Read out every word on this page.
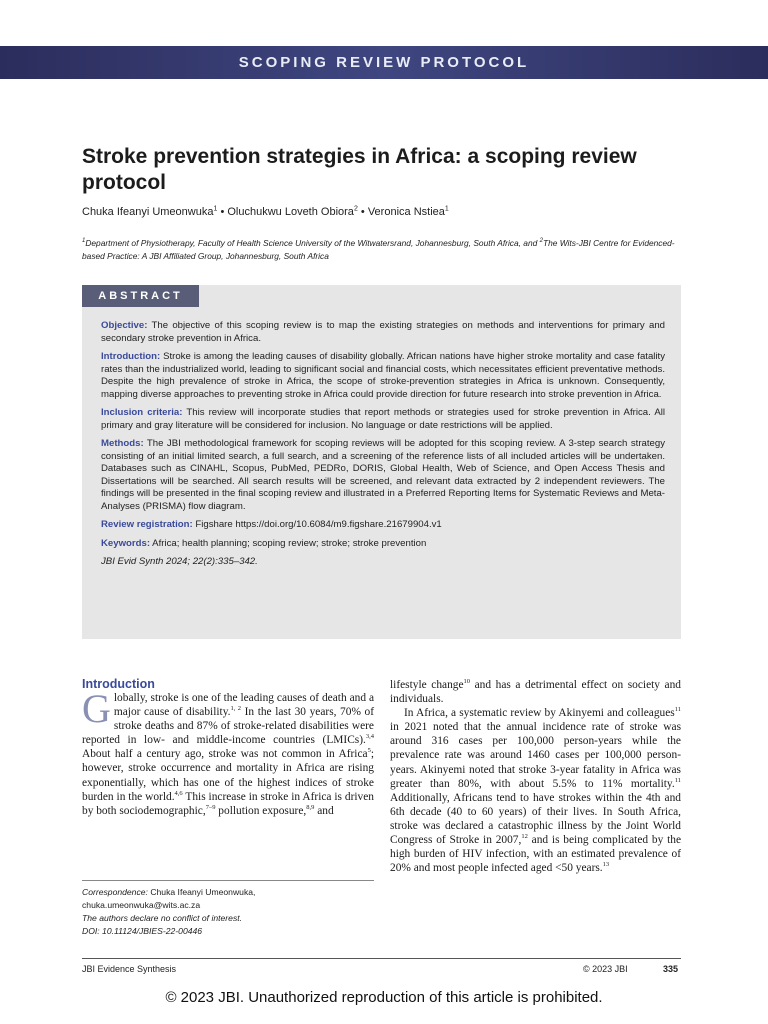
SCOPING REVIEW PROTOCOL
Stroke prevention strategies in Africa: a scoping review protocol
Chuka Ifeanyi Umeonwuka$^1$ • Oluchukwu Loveth Obiora$^2$ • Veronica Nstiea$^1$
$^1$Department of Physiotherapy, Faculty of Health Science University of the Witwatersrand, Johannesburg, South Africa, and $^2$The Wits-JBI Centre for Evidenced-based Practice: A JBI Affiliated Group, Johannesburg, South Africa
ABSTRACT

Objective: The objective of this scoping review is to map the existing strategies on methods and interventions for primary and secondary stroke prevention in Africa.

Introduction: Stroke is among the leading causes of disability globally. African nations have higher stroke mortality and case fatality rates than the industrialized world, leading to significant social and financial costs, which necessitates efficient preventative methods. Despite the high prevalence of stroke in Africa, the scope of stroke-prevention strategies in Africa is unknown. Consequently, mapping diverse approaches to preventing stroke in Africa could provide direction for future research into stroke prevention in Africa.

Inclusion criteria: This review will incorporate studies that report methods or strategies used for stroke prevention in Africa. All primary and gray literature will be considered for inclusion. No language or date restrictions will be applied.

Methods: The JBI methodological framework for scoping reviews will be adopted for this scoping review. A 3-step search strategy consisting of an initial limited search, a full search, and a screening of the reference lists of all included articles will be undertaken. Databases such as CINAHL, Scopus, PubMed, PEDRo, DORIS, Global Health, Web of Science, and Open Access Thesis and Dissertations will be searched. All search results will be screened, and relevant data extracted by 2 independent reviewers. The findings will be presented in the final scoping review and illustrated in a Preferred Reporting Items for Systematic Reviews and Meta-Analyses (PRISMA) flow diagram.

Review registration: Figshare https://doi.org/10.6084/m9.figshare.21679904.v1

Keywords: Africa; health planning; scoping review; stroke; stroke prevention

JBI Evid Synth 2024; 22(2):335–342.

Introduction

Globally, stroke is one of the leading causes of death and a major cause of disability.$^{1, 2}$ In the last 30 years, 70% of stroke deaths and 87% of stroke-related disabilities were reported in low- and middle-income countries (LMICs).$^{3,4}$ About half a century ago, stroke was not common in Africa$^5$; however, stroke occurrence and mortality in Africa are rising exponentially, which has one of the highest indices of stroke burden in the world.$^{4,6}$ This increase in stroke in Africa is driven by both sociodemographic,$^{7-9}$ pollution exposure,$^{8,9}$ and

lifestyle change$^{10}$ and has a detrimental effect on society and individuals.

In Africa, a systematic review by Akinyemi and colleagues$^{11}$ in 2021 noted that the annual incidence rate of stroke was around 316 cases per 100,000 person-years while the prevalence rate was around 1460 cases per 100,000 person-years. Akinyemi noted that stroke 3-year fatality in Africa was greater than 80%, with about 5.5% to 11% mortality.$^{11}$ Additionally, Africans tend to have strokes within the 4th and 6th decade (40 to 60 years) of their lives. In South Africa, stroke was declared a catastrophic illness by the Joint World Congress of Stroke in 2007,12 and is being complicated by the high burden of HIV infection, with an estimated prevalence of 20% and most people infected aged <50 years.$^{13}$

Correspondence: Chuka Ifeanyi Umeonwuka,
chuka.umeonwuka@wits.ac.za
The authors declare no conflict of interest.
DOI: 10.11124/JBIES-22-00446
JBI Evidence Synthesis	© 2023 JBI	335
© 2023 JBI. Unauthorized reproduction of this article is prohibited.
